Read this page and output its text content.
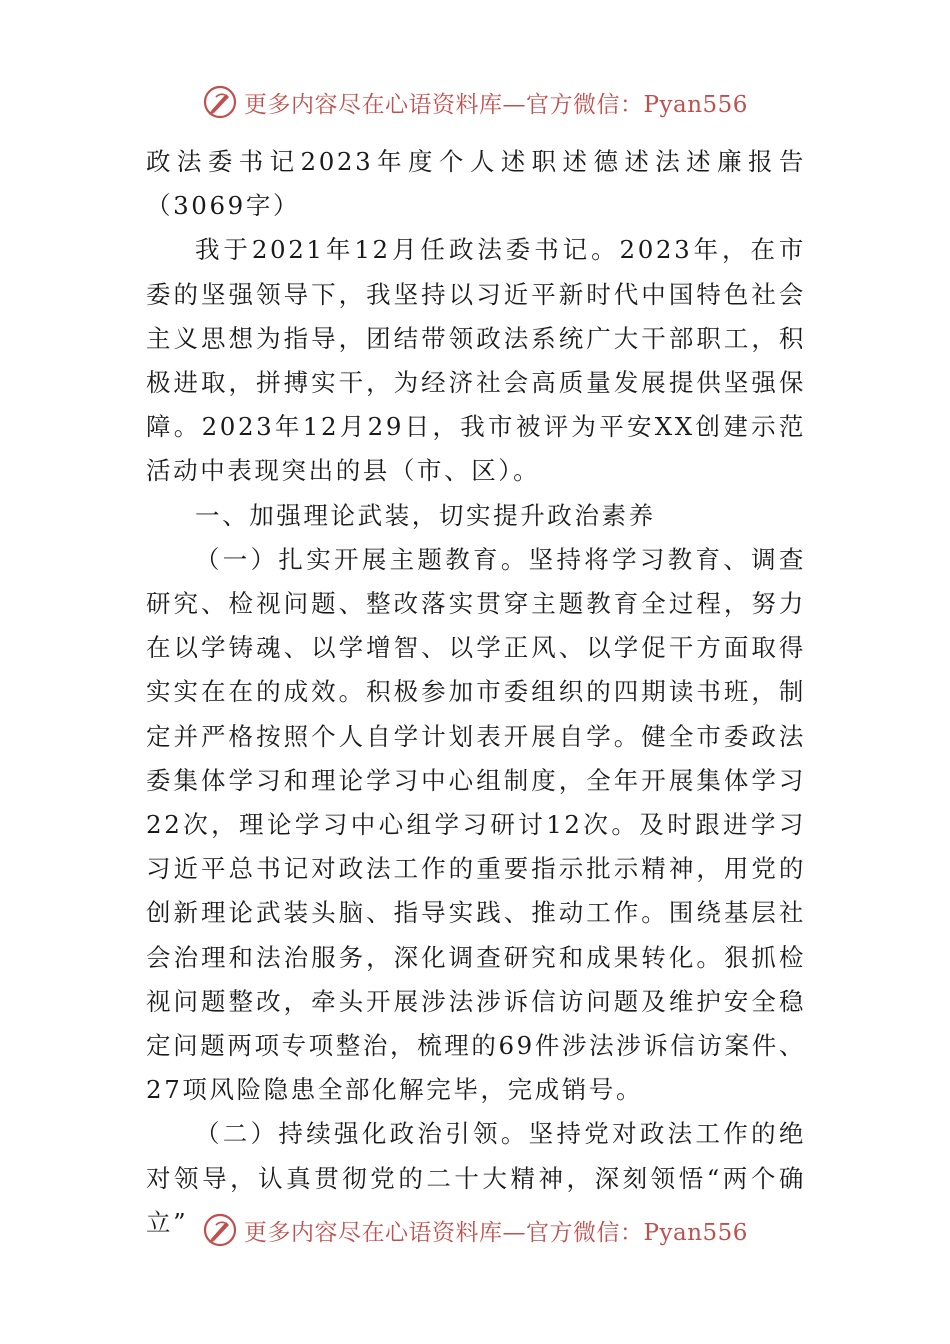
更多内容尽在心语资料库—官方微信：Pyan556

政法委书记2023年度个人述职述德述法述廉报告（3069字）

我于2021年12月任政法委书记。2023年，在市委的坚强领导下，我坚持以习近平新时代中国特色社会主义思想为指导，团结带领政法系统广大干部职工，积极进取，拼搏实干，为经济社会高质量发展提供坚强保障。2023年12月29日，我市被评为平安XX创建示范活动中表现突出的县（市、区）。

一、加强理论武装，切实提升政治素养

（一）扎实开展主题教育。坚持将学习教育、调查研究、检视问题、整改落实贯穿主题教育全过程，努力在以学铸魂、以学增智、以学正风、以学促干方面取得实实在在的成效。积极参加市委组织的四期读书班，制定并严格按照个人自学计划表开展自学。健全市委政法委集体学习和理论学习中心组制度，全年开展集体学习22次，理论学习中心组学习研讨12次。及时跟进学习习近平总书记对政法工作的重要指示批示精神，用党的创新理论武装头脑、指导实践、推动工作。围绕基层社会治理和法治服务，深化调查研究和成果转化。狠抓检视问题整改，牵头开展涉法涉诉信访问题及维护安全稳定问题两项专项整治，梳理的69件涉法涉诉信访案件、27项风险隐患全部化解完毕，完成销号。

（二）持续强化政治引领。坚持党对政法工作的绝对领导，认真贯彻党的二十大精神，深刻领悟“两个确立”	更多内容尽在心语资料库—官方微信：Pyan556
